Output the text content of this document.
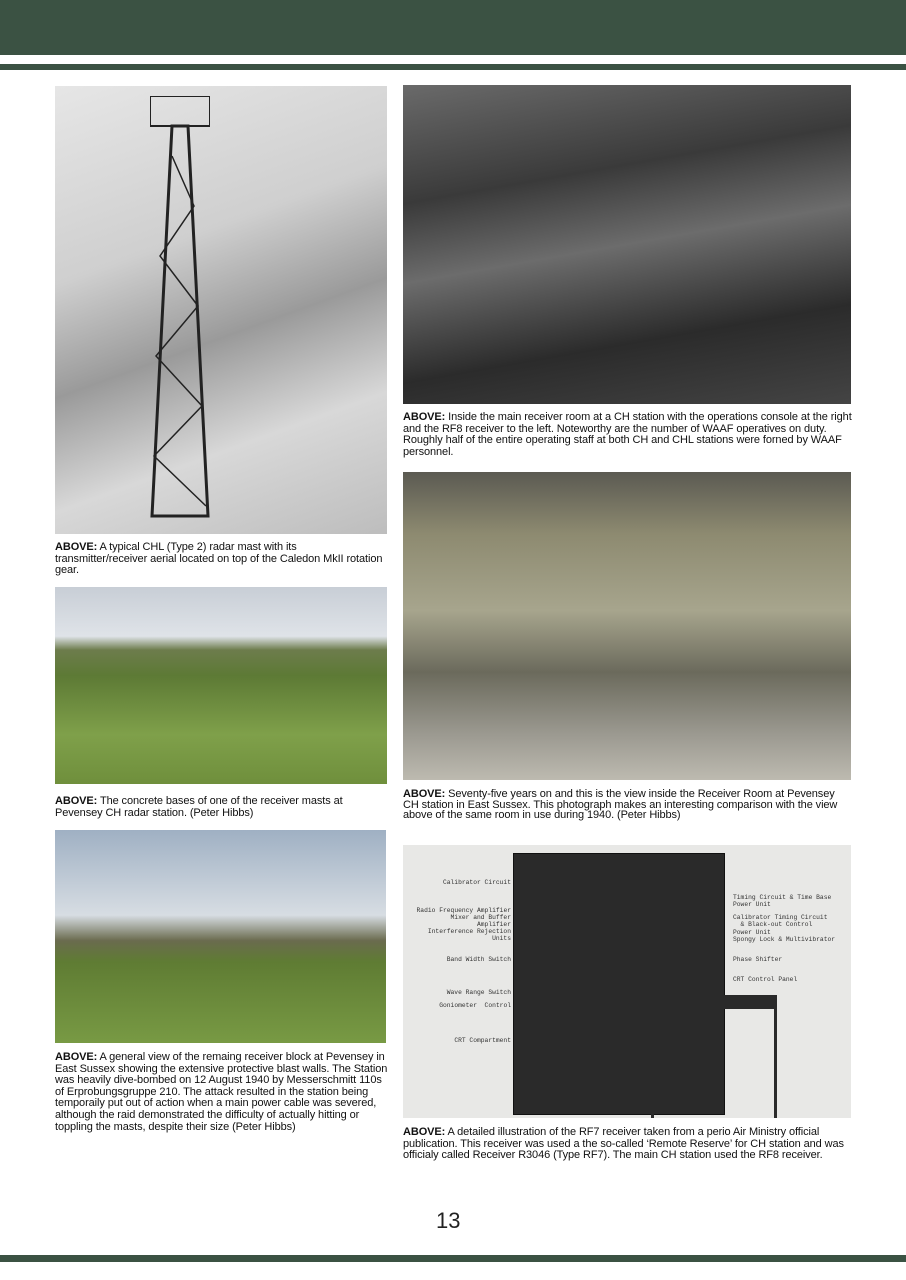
ABOVE: A typical CHL (Type 2) radar mast with its transmitter/receiver aerial located on top of the Caledon MkII rotation gear.
ABOVE: The concrete bases of one of the receiver masts at Pevensey CH radar station. (Peter Hibbs)
ABOVE: A general view of the remaing receiver block at Pevensey in East Sussex showing the extensive protective blast walls. The Station was heavily dive-bombed on 12 August 1940 by Messerschmitt 110s of Erprobungsgruppe 210. The attack resulted in the station being temporaily put out of action when a main power cable was severed, although the raid demonstrated the difficulty of actually hitting or toppling the masts, despite their size (Peter Hibbs)
ABOVE: Inside the main receiver room at a CH station with the operations console at the right and the RF8 receiver to the left. Noteworthy are the number of WAAF operatives on duty. Roughly half of the entire operating staff at both CH and CHL stations were forned by WAAF personnel.
ABOVE: Seventy-five years on and this is the view inside the Receiver Room at Pevensey CH station in East Sussex. This photograph makes an interesting comparison with the view above of the same room in use during 1940. (Peter Hibbs)
Calibrator Circuit
Radio Frequency Amplifier
Mixer and Buffer
Amplifier
Interference Rejection
Units
Band Width Switch
Wave Range Switch
Goniometer  Control
CRT Compartment
Timing Circuit & Time Base
Power Unit
Calibrator Timing Circuit
& Black-out Control
Power Unit
Spongy Lock & Multivibrator
Phase Shifter
CRT Control Panel
ABOVE: A detailed illustration of the RF7 receiver taken from a perio Air Ministry official publication. This receiver was used a the so-called ‘Remote Reserve’ for CH station and was officialy called Receiver R3046 (Type RF7). The main CH station used the RF8 receiver.
13
